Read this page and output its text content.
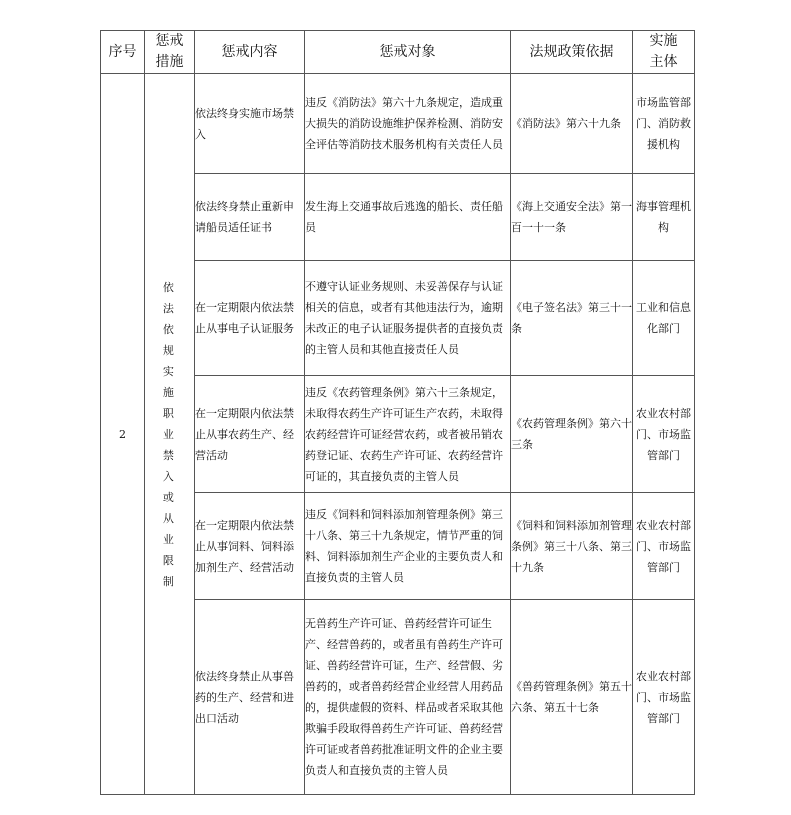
序号	惩戒措施	惩戒内容	惩戒对象	法规政策依据	实施主体

2	依法依规实施职业禁入或从业限制	依法终身实施市场禁入	违反《消防法》第六十九条规定，造成重大损失的消防设施维护保养检测、消防安全评估等消防技术服务机构有关责任人员	《消防法》第六十九条	市场监管部门、消防救援机构
		依法终身禁止重新申请船员适任证书	发生海上交通事故后逃逸的船长、责任船员	《海上交通安全法》第一百一十一条	海事管理机构
		在一定期限内依法禁止从事电子认证服务	不遵守认证业务规则、未妥善保存与认证相关的信息，或者有其他违法行为，逾期未改正的电子认证服务提供者的直接负责的主管人员和其他直接责任人员	《电子签名法》第三十一条	工业和信息化部门
		在一定期限内依法禁止从事农药生产、经营活动	违反《农药管理条例》第六十三条规定，未取得农药生产许可证生产农药，未取得农药经营许可证经营农药，或者被吊销农药登记证、农药生产许可证、农药经营许可证的，其直接负责的主管人员	《农药管理条例》第六十三条	农业农村部门、市场监管部门
		在一定期限内依法禁止从事饲料、饲料添加剂生产、经营活动	违反《饲料和饲料添加剂管理条例》第三十八条、第三十九条规定，情节严重的饲料、饲料添加剂生产企业的主要负责人和直接负责的主管人员	《饲料和饲料添加剂管理条例》第三十八条、第三十九条	农业农村部门、市场监管部门
		依法终身禁止从事兽药的生产、经营和进出口活动	无兽药生产许可证、兽药经营许可证生产、经营兽药的，或者虽有兽药生产许可证、兽药经营许可证，生产、经营假、劣兽药的，或者兽药经营企业经营人用药品的，提供虚假的资料、样品或者采取其他欺骗手段取得兽药生产许可证、兽药经营许可证或者兽药批准证明文件的企业主要负责人和直接负责的主管人员	《兽药管理条例》第五十六条、第五十七条	农业农村部门、市场监管部门
